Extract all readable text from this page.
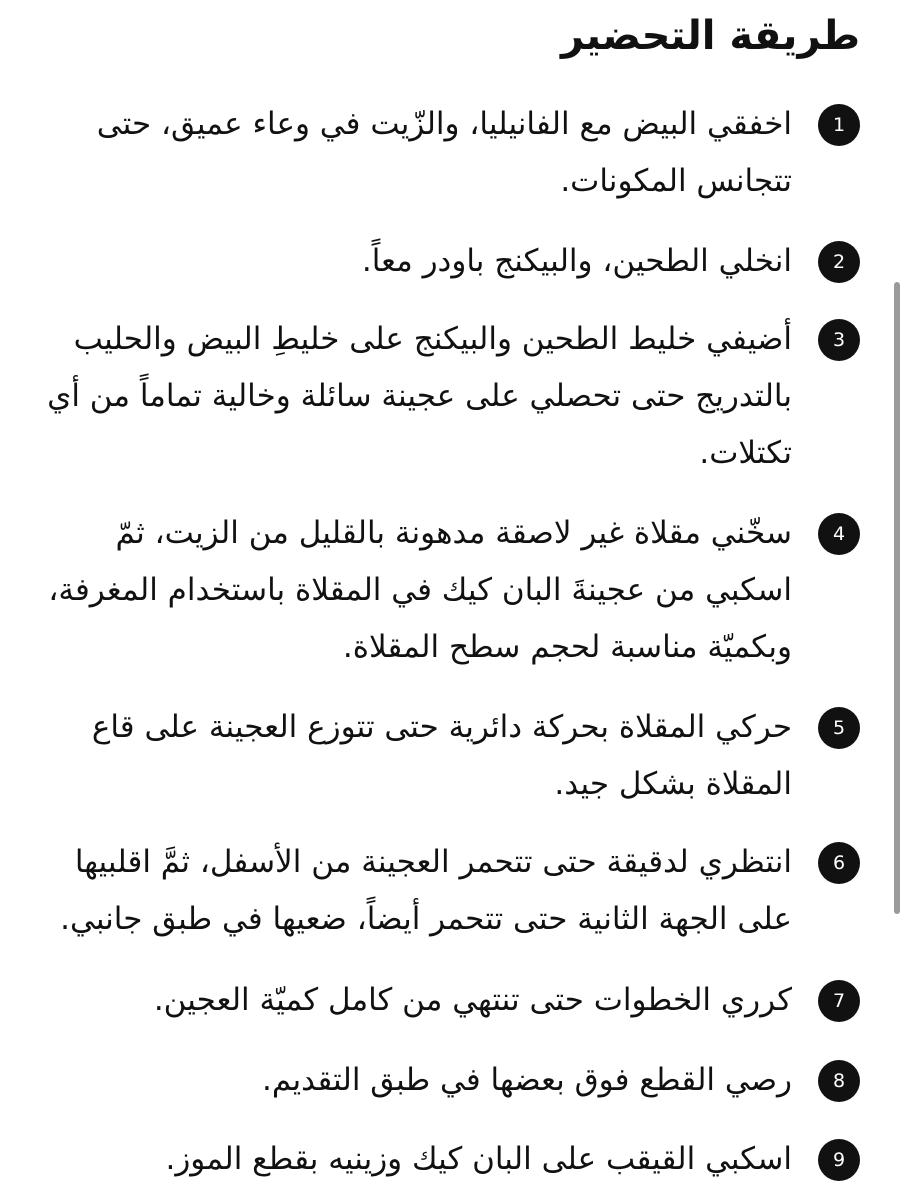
طريقة التحضير
1
اخفقي البيض مع الفانيليا، والزّيت في وعاء عميق، حتى تتجانس المكونات.
2
انخلي الطحين، والبيكنج باودر معاً.
3
أضيفي خليط الطحين والبيكنج على خليطِ البيض والحليب بالتدريج حتى تحصلي على عجينة سائلة وخالية تماماً من أي تكتلات.
4
سخّني مقلاة غير لاصقة مدهونة بالقليل من الزيت، ثمّ اسكبي من عجينةَ البان كيك في المقلاة باستخدام المغرفة، وبكميّة مناسبة لحجم سطح المقلاة.
5
حركي المقلاة بحركة دائرية حتى تتوزع العجينة على قاع المقلاة بشكل جيد.
6
انتظري لدقيقة حتى تتحمر العجينة من الأسفل، ثمَّ اقلبيها على الجهة الثانية حتى تتحمر أيضاً، ضعيها في طبق جانبي.
7
كرري الخطوات حتى تنتهي من كامل كميّة العجين.
8
رصي القطع فوق بعضها في طبق التقديم.
9
اسكبي القيقب على البان كيك وزينيه بقطع الموز.
